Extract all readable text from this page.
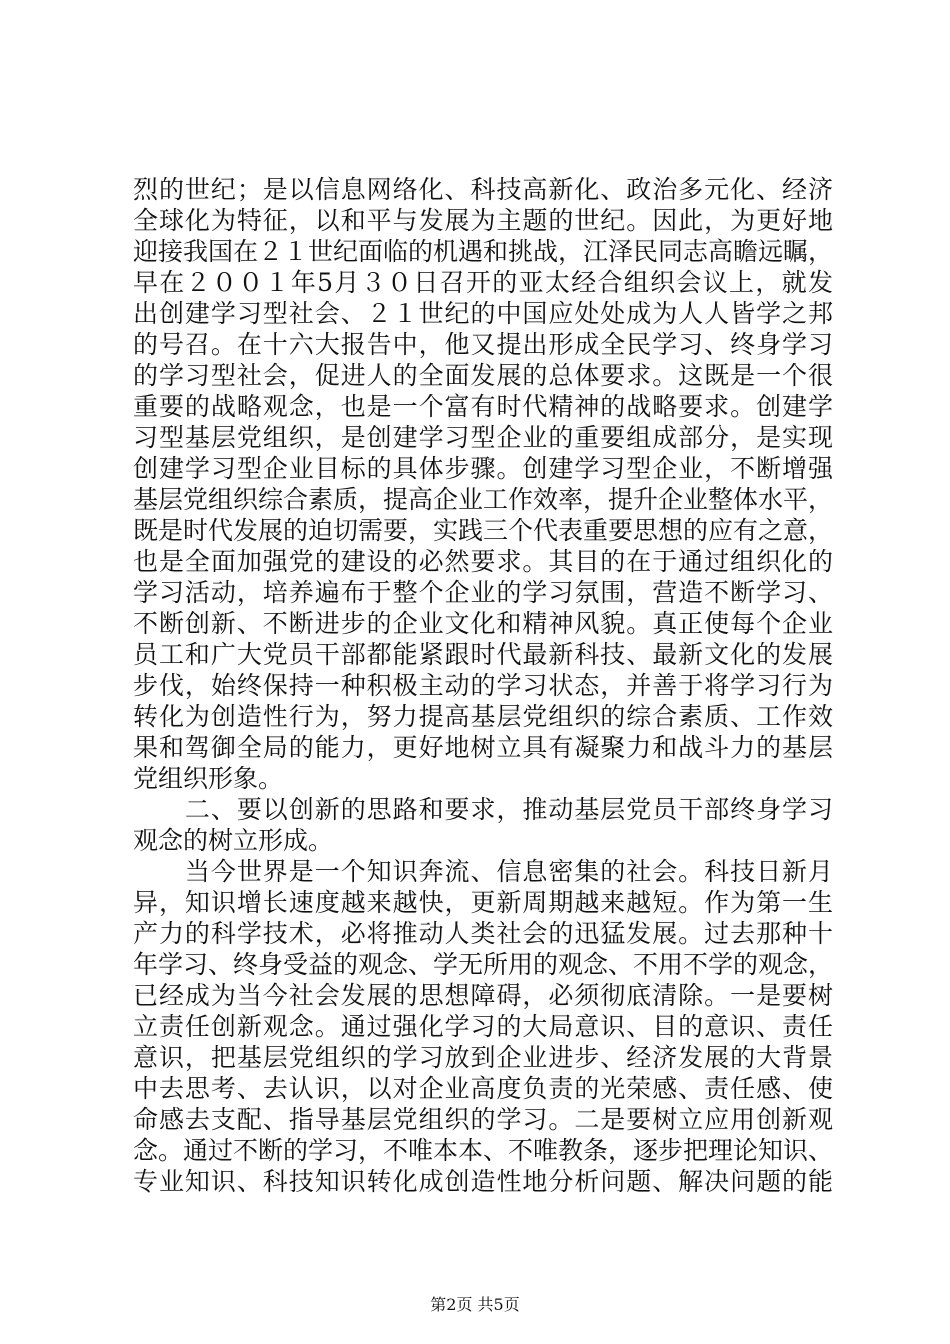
烈的世纪；是以信息网络化、科技高新化、政治多元化、经济
全球化为特征，以和平与发展为主题的世纪。因此，为更好地
迎接我国在２１世纪面临的机遇和挑战，江泽民同志高瞻远瞩，
早在２００１年5月３０日召开的亚太经合组织会议上，就发
出创建学习型社会、２１世纪的中国应处处成为人人皆学之邦
的号召。在十六大报告中，他又提出形成全民学习、终身学习
的学习型社会，促进人的全面发展的总体要求。这既是一个很
重要的战略观念，也是一个富有时代精神的战略要求。创建学
习型基层党组织，是创建学习型企业的重要组成部分，是实现
创建学习型企业目标的具体步骤。创建学习型企业，不断增强
基层党组织综合素质，提高企业工作效率，提升企业整体水平，
既是时代发展的迫切需要，实践三个代表重要思想的应有之意，
也是全面加强党的建设的必然要求。其目的在于通过组织化的
学习活动，培养遍布于整个企业的学习氛围，营造不断学习、
不断创新、不断进步的企业文化和精神风貌。真正使每个企业
员工和广大党员干部都能紧跟时代最新科技、最新文化的发展
步伐，始终保持一种积极主动的学习状态，并善于将学习行为
转化为创造性行为，努力提高基层党组织的综合素质、工作效
果和驾御全局的能力，更好地树立具有凝聚力和战斗力的基层
党组织形象。
　　二、要以创新的思路和要求，推动基层党员干部终身学习
观念的树立形成。
　　当今世界是一个知识奔流、信息密集的社会。科技日新月
异，知识增长速度越来越快，更新周期越来越短。作为第一生
产力的科学技术，必将推动人类社会的迅猛发展。过去那种十
年学习、终身受益的观念、学无所用的观念、不用不学的观念，
已经成为当今社会发展的思想障碍，必须彻底清除。一是要树
立责任创新观念。通过强化学习的大局意识、目的意识、责任
意识，把基层党组织的学习放到企业进步、经济发展的大背景
中去思考、去认识，以对企业高度负责的光荣感、责任感、使
命感去支配、指导基层党组织的学习。二是要树立应用创新观
念。通过不断的学习，不唯本本、不唯教条，逐步把理论知识、
专业知识、科技知识转化成创造性地分析问题、解决问题的能
第2页 共5页
